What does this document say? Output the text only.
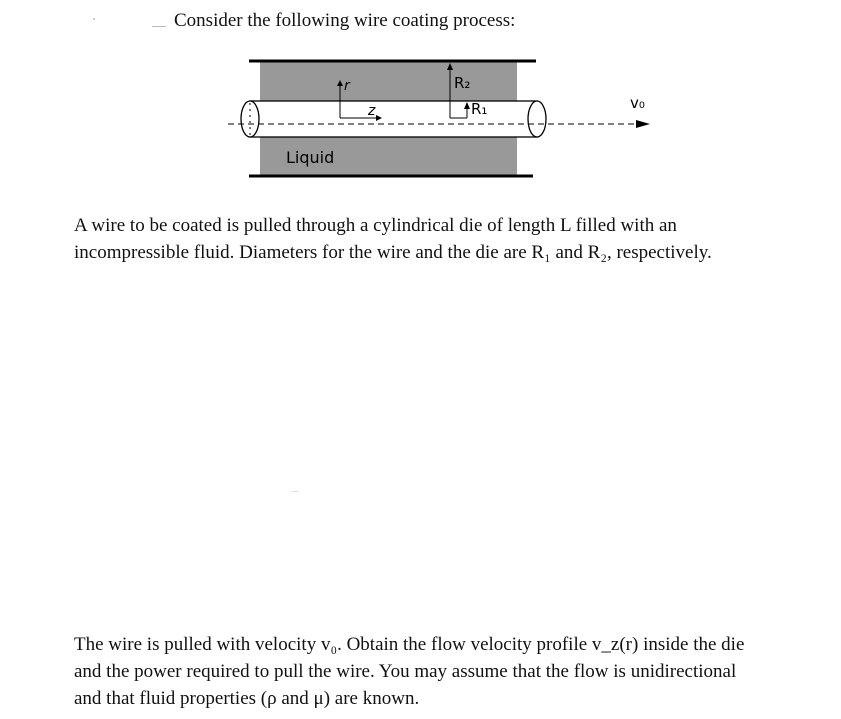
Consider the following wire coating process:
r
z
R₂
R₁	v₀
Liquid
A wire to be coated is pulled through a cylindrical die of length L filled with an
incompressible fluid. Diameters for the wire and the die are R₁ and R₂, respectively.
The wire is pulled with velocity v₀. Obtain the flow velocity profile v_z(r) inside the die
and the power required to pull the wire. You may assume that the flow is unidirectional
and that fluid properties (ρ and μ) are known.
